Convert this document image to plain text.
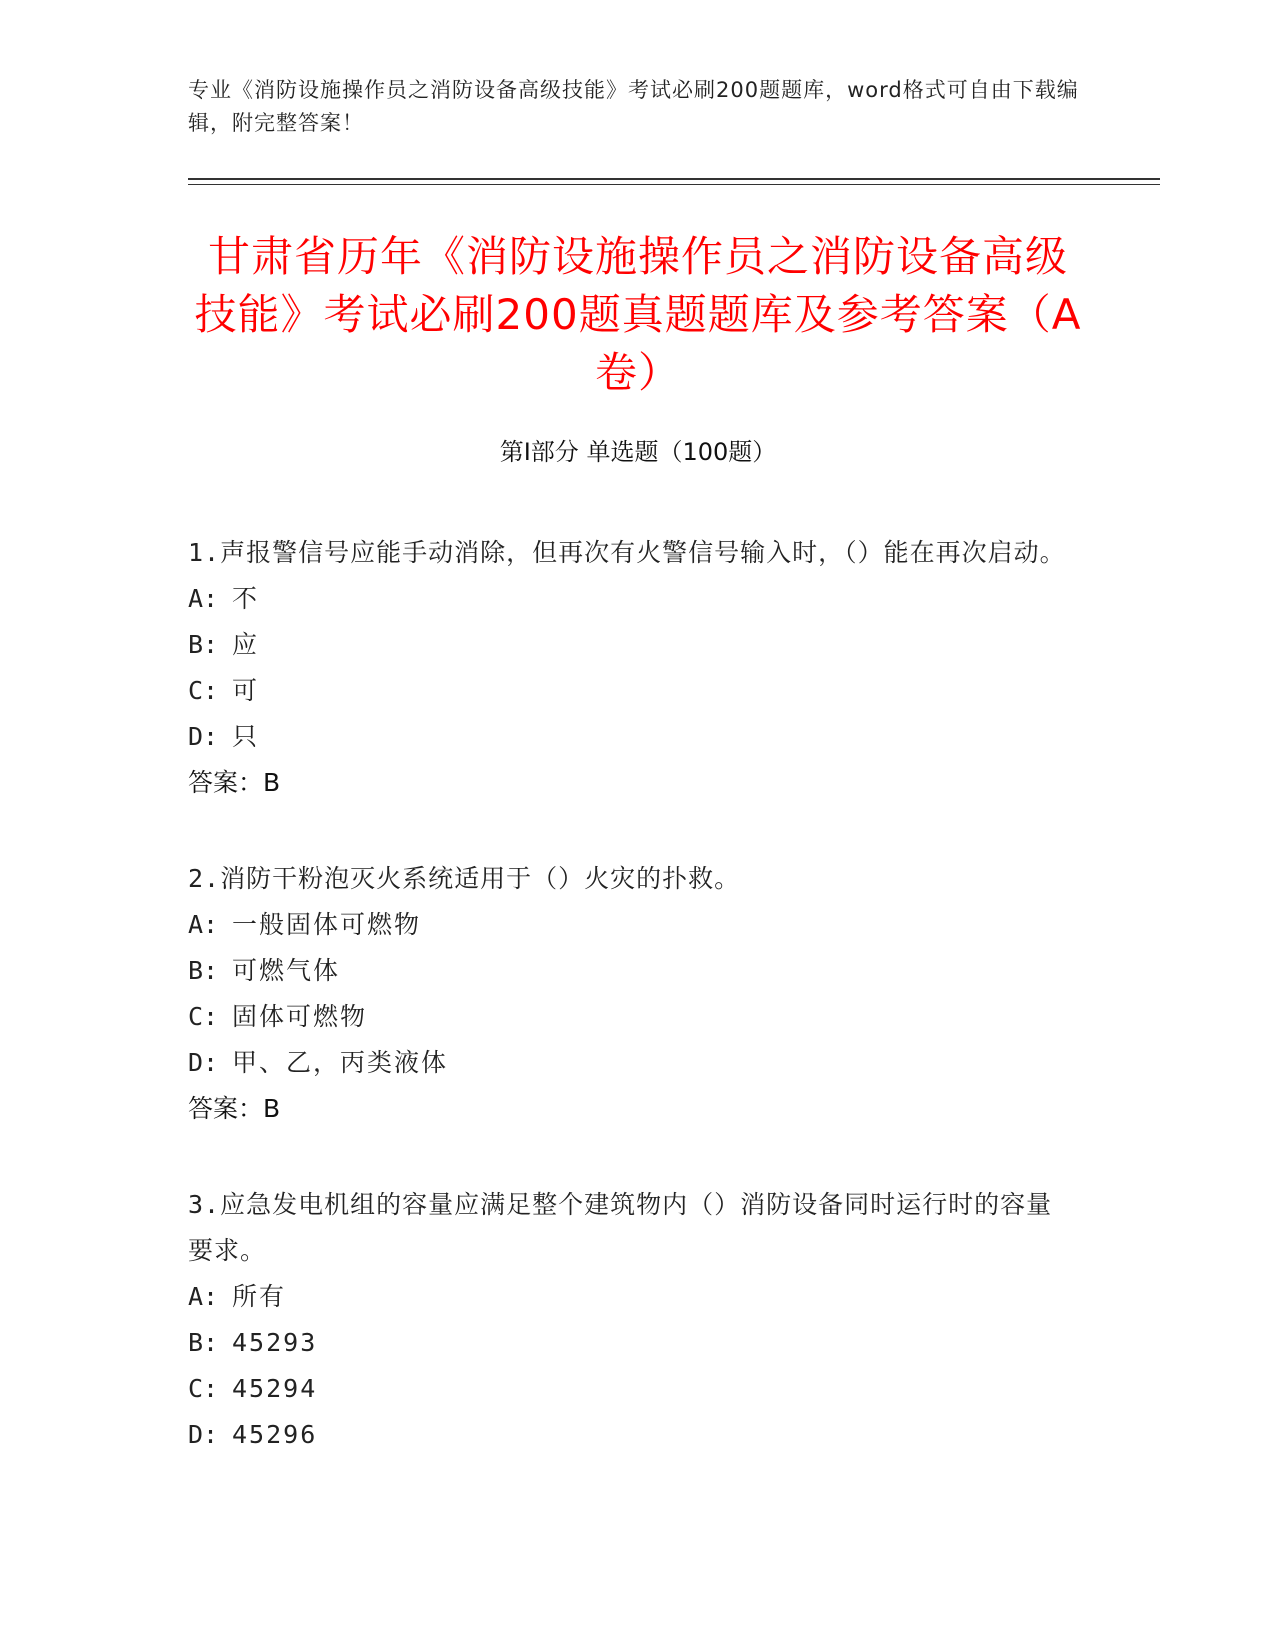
专业《消防设施操作员之消防设备高级技能》考试必刷200题题库，word格式可自由下载编辑，附完整答案！
甘肃省历年《消防设施操作员之消防设备高级技能》考试必刷200题真题题库及参考答案（A卷）
第I部分 单选题（100题）
1.声报警信号应能手动消除，但再次有火警信号输入时，（）能在再次启动。
A: 不
B: 应
C: 可
D: 只
答案：B
2.消防干粉泡灭火系统适用于（）火灾的扑救。
A: 一般固体可燃物
B: 可燃气体
C: 固体可燃物
D: 甲、乙，丙类液体
答案：B
3.应急发电机组的容量应满足整个建筑物内（）消防设备同时运行时的容量要求。
A: 所有
B: 45293
C: 45294
D: 45296
